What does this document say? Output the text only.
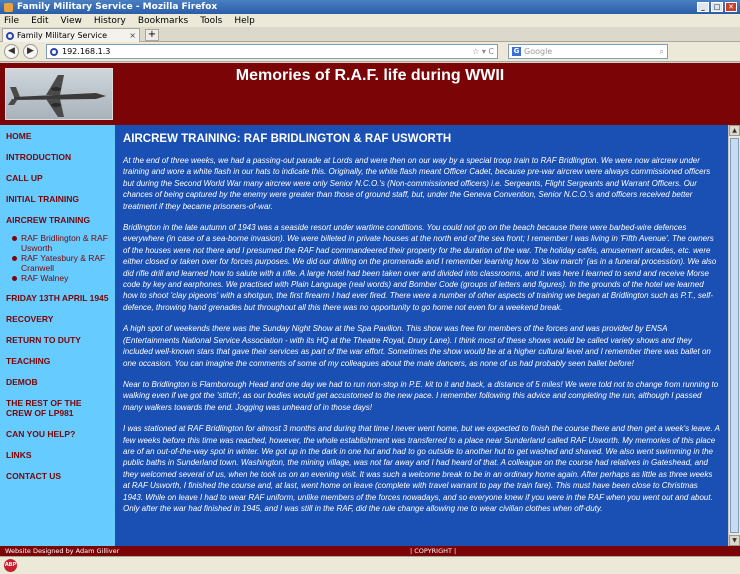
Family Military Service - Mozilla Firefox	_	□	✕
File Edit View History Bookmarks Tools Help
Family Military Service	× +
◀	▶	192.168.1.3	☆ ▾ C	G Google	⌕
Memories of R.A.F. life during WWII
HOME
INTRODUCTION
CALL UP
INITIAL TRAINING
AIRCREW TRAINING
RAF Bridlington & RAF Usworth
RAF Yatesbury & RAF Cranwell
RAF Walney
FRIDAY 13TH APRIL 1945
RECOVERY
RETURN TO DUTY
TEACHING
DEMOB
THE REST OF THE CREW OF LP981
CAN YOU HELP?
LINKS
CONTACT US
AIRCREW TRAINING: RAF BRIDLINGTON & RAF USWORTH

At the end of three weeks, we had a passing-out parade at Lords and were then on our way by a special troop train to RAF Bridlington. We were now aircrew under training and wore a white flash in our hats to indicate this. Originally, the white flash meant Officer Cadet, because pre-war aircrew were always commissioned officers but during the Second World War many aircrew were only Senior N.C.O.'s (Non-commissioned officers) i.e. Sergeants, Flight Sergeants and Warrant Officers. Our chances of being captured by the enemy were greater than those of ground staff, but, under the Geneva Convention, Senior N.C.O.'s and officers received better treatment if they became prisoners-of-war.

Bridlington in the late autumn of 1943 was a seaside resort under wartime conditions. You could not go on the beach because there were barbed-wire defences everywhere (in case of a sea-borne invasion). We were billeted in private houses at the north end of the sea front; I remember I was living in 'Fifth Avenue'. The owners of the houses were not there and I presumed the RAF had commandeered their property for the duration of the war. The holiday cafés, amusement arcades, etc. were either closed or taken over for forces purposes. We did our drilling on the promenade and I remember learning how to 'slow march' (as in a funeral procession). We also did rifle drill and learned how to salute with a rifle. A large hotel had been taken over and divided into classrooms, and it was here I learned to send and receive Morse code by key and earphones. We practised with Plain Language (real words) and Bomber Code (groups of letters and figures). In the grounds of the hotel we learned how to shoot 'clay pigeons' with a shotgun, the first firearm I had ever fired. There were a number of other aspects of training we began at Bridlington such as P.T., self-defence, throwing hand grenades but throughout all this there was no opportunity to go home not even for a weekend break.

A high spot of weekends there was the Sunday Night Show at the Spa Pavilion. This show was free for members of the forces and was provided by ENSA (Entertainments National Service Association - with its HQ at the Theatre Royal, Drury Lane). I think most of these shows would be called variety shows and they included well-known stars that gave their services as part of the war effort. Sometimes the show would be at a higher cultural level and I remember there was ballet on one occasion. You can imagine the comments of some of my colleagues about the male dancers, as none of us had probably seen ballet before!

Near to Bridlington is Flamborough Head and one day we had to run non-stop in P.E. kit to it and back, a distance of 5 miles! We were told not to change from running to walking even if we got the 'stitch', as our bodies would get accustomed to the new pace. I remember following this advice and completing the run, although I passed many walkers towards the end. Jogging was unheard of in those days!

I was stationed at RAF Bridlington for almost 3 months and during that time I never went home, but we expected to finish the course there and then get a week's leave. A few weeks before this time was reached, however, the whole establishment was transferred to a place near Sunderland called RAF Usworth. My memories of this place are of an out-of-the-way spot in winter. We got up in the dark in one hut and had to go outside to another hut to get washed and shaved. We also went swimming in the public baths in Sunderland town. Washington, the mining village, was not far away and I had heard of that. A colleague on the course had relatives in Gateshead, and they welcomed several of us, when he took us on an evening visit. It was such a welcome break to be in an ordinary home again. After perhaps as little as three weeks at RAF Usworth, I finished the course and, at last, went home on leave (complete with travel warrant to pay the train fare). This must have been close to Christmas 1943. While on leave I had to wear RAF uniform, unlike members of the forces nowadays, and so everyone knew if you were in the RAF when you went out and about. Only after the war had finished in 1945, and I was still in the RAF, did the rule change allowing me to wear civilian clothes when off-duty.

▲
▼
Website Designed by Adam Gilliver	| COPYRIGHT |
ABP
